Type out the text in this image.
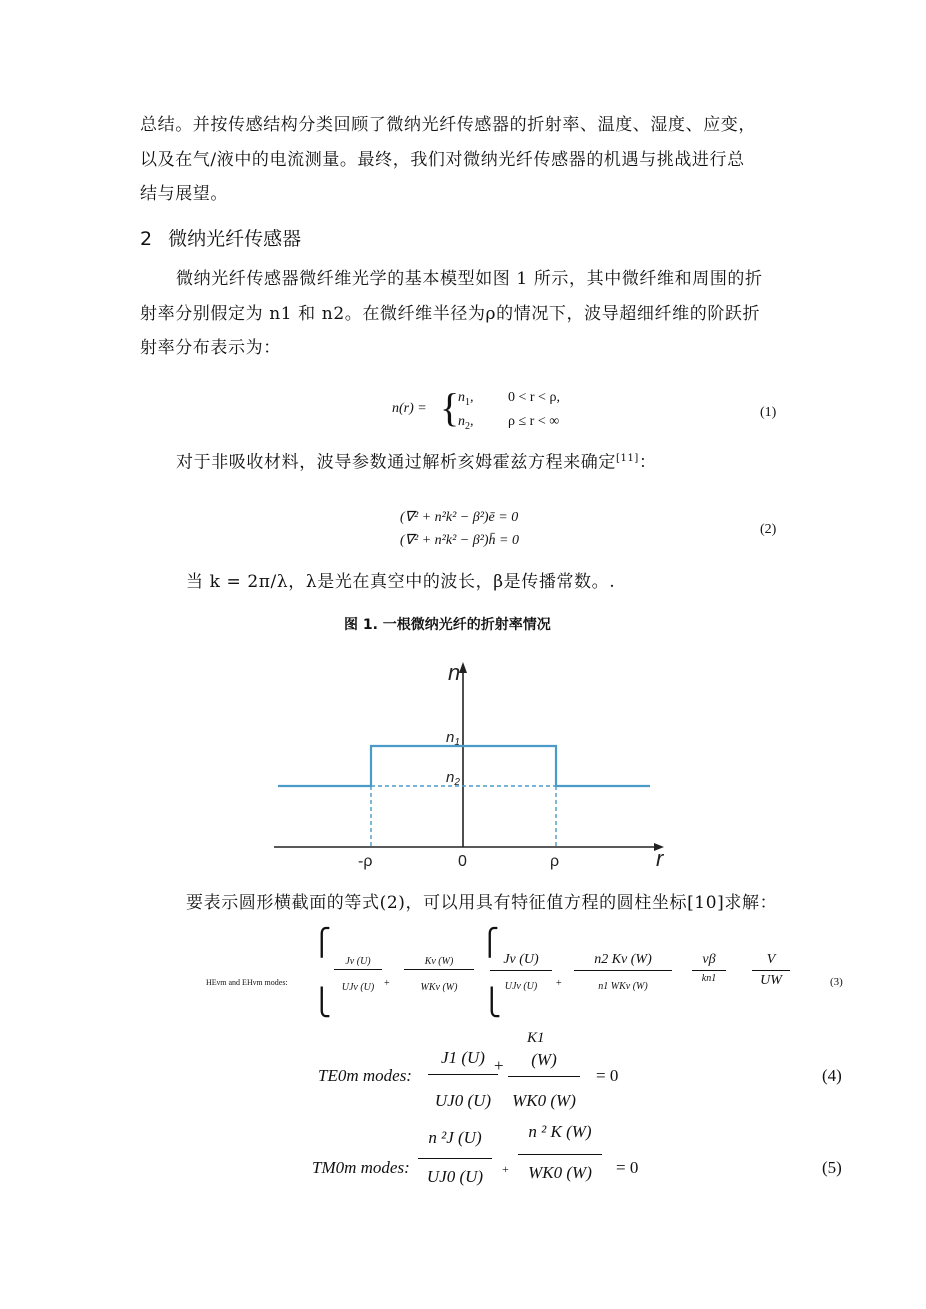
总结。并按传感结构分类回顾了微纳光纤传感器的折射率、温度、湿度、应变，
以及在气/液中的电流测量。最终，我们对微纳光纤传感器的机遇与挑战进行总
结与展望。
2 微纳光纤传感器
微纳光纤传感器微纤维光学的基本模型如图 1 所示，其中微纤维和周围的折
射率分别假定为 n1 和 n2。在微纤维半径为ρ的情况下，波导超细纤维的阶跃折
射率分布表示为：
n(r) = {
$n_1$, 0 < r < ρ,
$n_2$, ρ ≤ r < ∞
(1)
对于非吸收材料，波导参数通过解析亥姆霍兹方程来确定[11]：
(∇² + n²k² − β²)ē = 0
(∇² + n²k² − β²)h̄ = 0
(2)
当 k = 2π/λ，λ是光在真空中的波长，β是传播常数。.
图 1. 一根微纳光纤的折射率情况
n
r
$n_1$
$n_2$
-ρ	0	ρ
要表示圆形横截面的等式(2)，可以用具有特征值方程的圆柱坐标[10]求解：
HEνm and EHνm modes:
⎧
⎩
Jν (U)
UJν (U) +
Kν (W)
WKν (W)
⎧
⎩
Jν (U)
UJν (U)	+
n2 Kν (W)
n1 WKν (W)
νβ
kn1	$\frac{V}{UW}$	(3)
TE0m modes: $\frac{J1 (U)}{UJ0 (U)}$
+
K1
$\frac{(W)}{WK0 (W)} = 0$	(4)
TM0m modes: $\frac{\text{n ²J (U)}}{UJ0 (U)} + \frac{\text{n ² K (W)}}{WK0 (W)} = 0$	(5)
